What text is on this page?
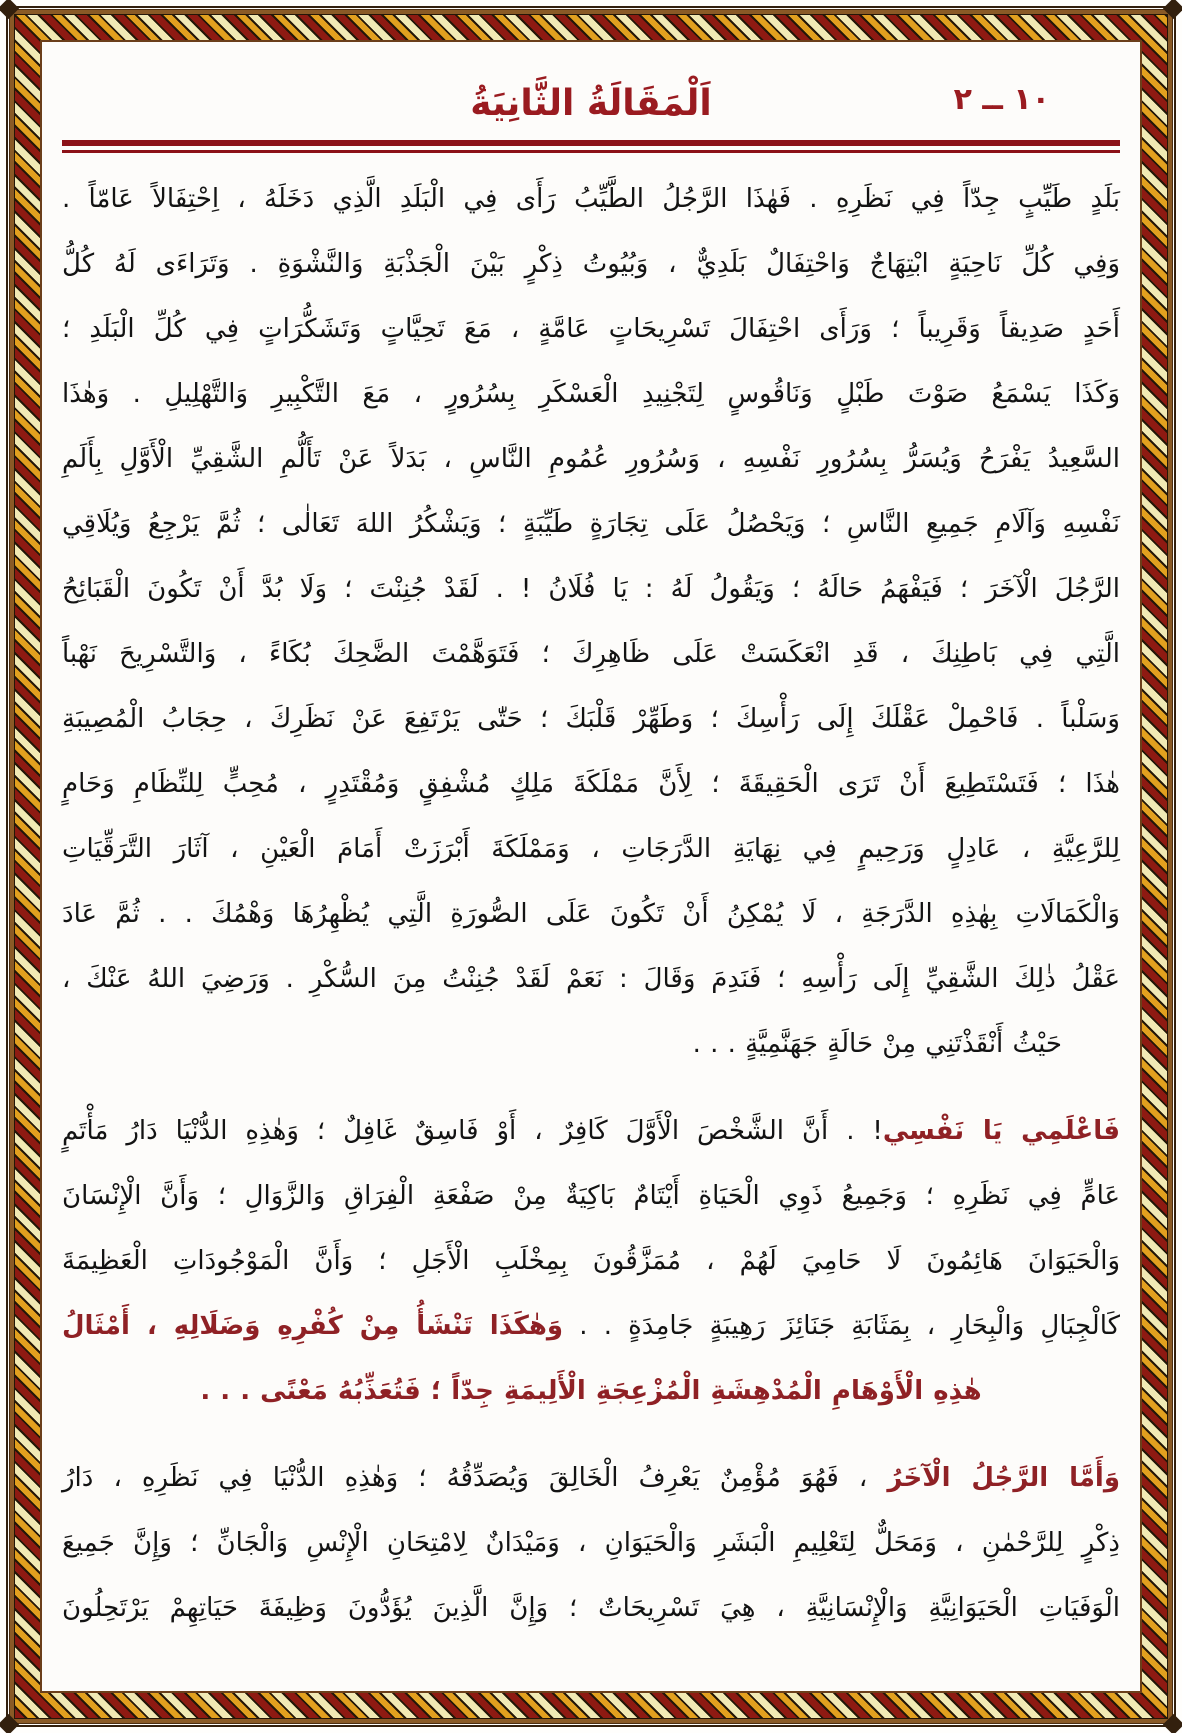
١٠ ــ ٢
اَلْمَقَالَةُ الثَّانِيَةُ
بَلَدٍ طَيِّبٍ جِدّاً فِي نَظَرِهِ . فَهٰذَا الرَّجُلُ الطَّيِّبُ رَأَى فِي الْبَلَدِ الَّذِي دَخَلَهُ ، اِحْتِفَالاً عَامّاً .
وَفِي كُلِّ نَاحِيَةٍ ابْتِهَاجٌ وَاحْتِفَالٌ بَلَدِيٌّ ، وَبُيُوتُ ذِكْرٍ بَيْنَ الْجَذْبَةِ وَالنَّشْوَةِ . وَتَرَاءَى لَهُ كُلُّ
أَحَدٍ صَدِيقاً وَقَرِيباً ؛ وَرَأَى احْتِفَالَ تَسْرِيحَاتٍ عَامَّةٍ ، مَعَ تَحِيَّاتٍ وَتَشَكُّرَاتٍ فِي كُلِّ الْبَلَدِ ؛
وَكَذَا يَسْمَعُ صَوْتَ طَبْلٍ وَنَاقُوسٍ لِتَجْنِيدِ الْعَسْكَرِ بِسُرُورٍ ، مَعَ التَّكْبِيرِ وَالتَّهْلِيلِ . وَهٰذَا
السَّعِيدُ يَفْرَحُ وَيُسَرُّ بِسُرُورِ نَفْسِهِ ، وَسُرُورِ عُمُومِ النَّاسِ ، بَدَلاً عَنْ تَأَلُّمِ الشَّقِيِّ الْأَوَّلِ بِأَلَمِ
نَفْسِهِ وَآلَامِ جَمِيعِ النَّاسِ ؛ وَيَحْصُلُ عَلَى تِجَارَةٍ طَيِّبَةٍ ؛ وَيَشْكُرُ اللهَ تَعَالٰى ؛ ثُمَّ يَرْجِعُ وَيُلَاقِي
الرَّجُلَ الْآخَرَ ؛ فَيَفْهَمُ حَالَهُ ؛ وَيَقُولُ لَهُ : يَا فُلَانُ ! . لَقَدْ جُنِنْتَ ؛ وَلَا بُدَّ أَنْ تَكُونَ الْقَبَائِحُ
الَّتِي فِي بَاطِنِكَ ، قَدِ انْعَكَسَتْ عَلَى ظَاهِرِكَ ؛ فَتَوَهَّمْتَ الضَّحِكَ بُكَاءً ، وَالتَّسْرِيحَ نَهْباً
وَسَلْباً . فَاحْمِلْ عَقْلَكَ إِلَى رَأْسِكَ ؛ وَطَهِّرْ قَلْبَكَ ؛ حَتّٰى يَرْتَفِعَ عَنْ نَظَرِكَ ، حِجَابُ الْمُصِيبَةِ
هٰذَا ؛ فَتَسْتَطِيعَ أَنْ تَرَى الْحَقِيقَةَ ؛ لِأَنَّ مَمْلَكَةَ مَلِكٍ مُشْفِقٍ وَمُقْتَدِرٍ ، مُحِبٍّ لِلنِّظَامِ وَحَامٍ
لِلرَّعِيَّةِ ، عَادِلٍ وَرَحِيمٍ فِي نِهَايَةِ الدَّرَجَاتِ ، وَمَمْلَكَةَ أَبْرَزَتْ أَمَامَ الْعَيْنِ ، آثَارَ التَّرَقِّيَاتِ
وَالْكَمَالَاتِ بِهٰذِهِ الدَّرَجَةِ ، لَا يُمْكِنُ أَنْ تَكُونَ عَلَى الصُّورَةِ الَّتِي يُظْهِرُهَا وَهْمُكَ . . ثُمَّ عَادَ
عَقْلُ ذٰلِكَ الشَّقِيِّ إِلَى رَأْسِهِ ؛ فَنَدِمَ وَقَالَ : نَعَمْ لَقَدْ جُنِنْتُ مِنَ السُّكْرِ . وَرَضِيَ اللهُ عَنْكَ ،
حَيْثُ أَنْقَذْتَنِي مِنْ حَالَةٍ جَهَنَّمِيَّةٍ . . .
فَاعْلَمِي يَا نَفْسِي! . أَنَّ الشَّخْصَ الْأَوَّلَ كَافِرٌ ، أَوْ فَاسِقٌ غَافِلٌ ؛ وَهٰذِهِ الدُّنْيَا دَارُ مَأْتَمٍ
عَامٍّ فِي نَظَرِهِ ؛ وَجَمِيعُ ذَوِي الْحَيَاةِ أَيْتَامٌ بَاكِيَةٌ مِنْ صَفْعَةِ الْفِرَاقِ وَالزَّوَالِ ؛ وَأَنَّ الْإِنْسَانَ
وَالْحَيَوَانَ هَائِمُونَ لَا حَامِيَ لَهُمْ ، مُمَزَّقُونَ بِمِخْلَبِ الْأَجَلِ ؛ وَأَنَّ الْمَوْجُودَاتِ الْعَظِيمَةَ
كَالْجِبَالِ وَالْبِحَارِ ، بِمَثَابَةِ جَنَائِزَ رَهِيبَةٍ جَامِدَةٍ . . وَهٰكَذَا تَنْشَأُ مِنْ كُفْرِهِ وَضَلَالِهِ ، أَمْثَالُ
هٰذِهِ الْأَوْهَامِ الْمُدْهِشَةِ الْمُزْعِجَةِ الْأَلِيمَةِ جِدّاً ؛ فَتُعَذِّبُهُ مَعْنًى . . .
وَأَمَّا الرَّجُلُ الْآخَرُ ، فَهُوَ مُؤْمِنٌ يَعْرِفُ الْخَالِقَ وَيُصَدِّقُهُ ؛ وَهٰذِهِ الدُّنْيَا فِي نَظَرِهِ ، دَارُ
ذِكْرٍ لِلرَّحْمٰنِ ، وَمَحَلٌّ لِتَعْلِيمِ الْبَشَرِ وَالْحَيَوَانِ ، وَمَيْدَانٌ لِامْتِحَانِ الْإِنْسِ وَالْجَانِّ ؛ وَإِنَّ جَمِيعَ
الْوَفَيَاتِ الْحَيَوَانِيَّةِ وَالْإِنْسَانِيَّةِ ، هِيَ تَسْرِيحَاتٌ ؛ وَإِنَّ الَّذِينَ يُؤَدُّونَ وَظِيفَةَ حَيَاتِهِمْ يَرْتَحِلُونَ
